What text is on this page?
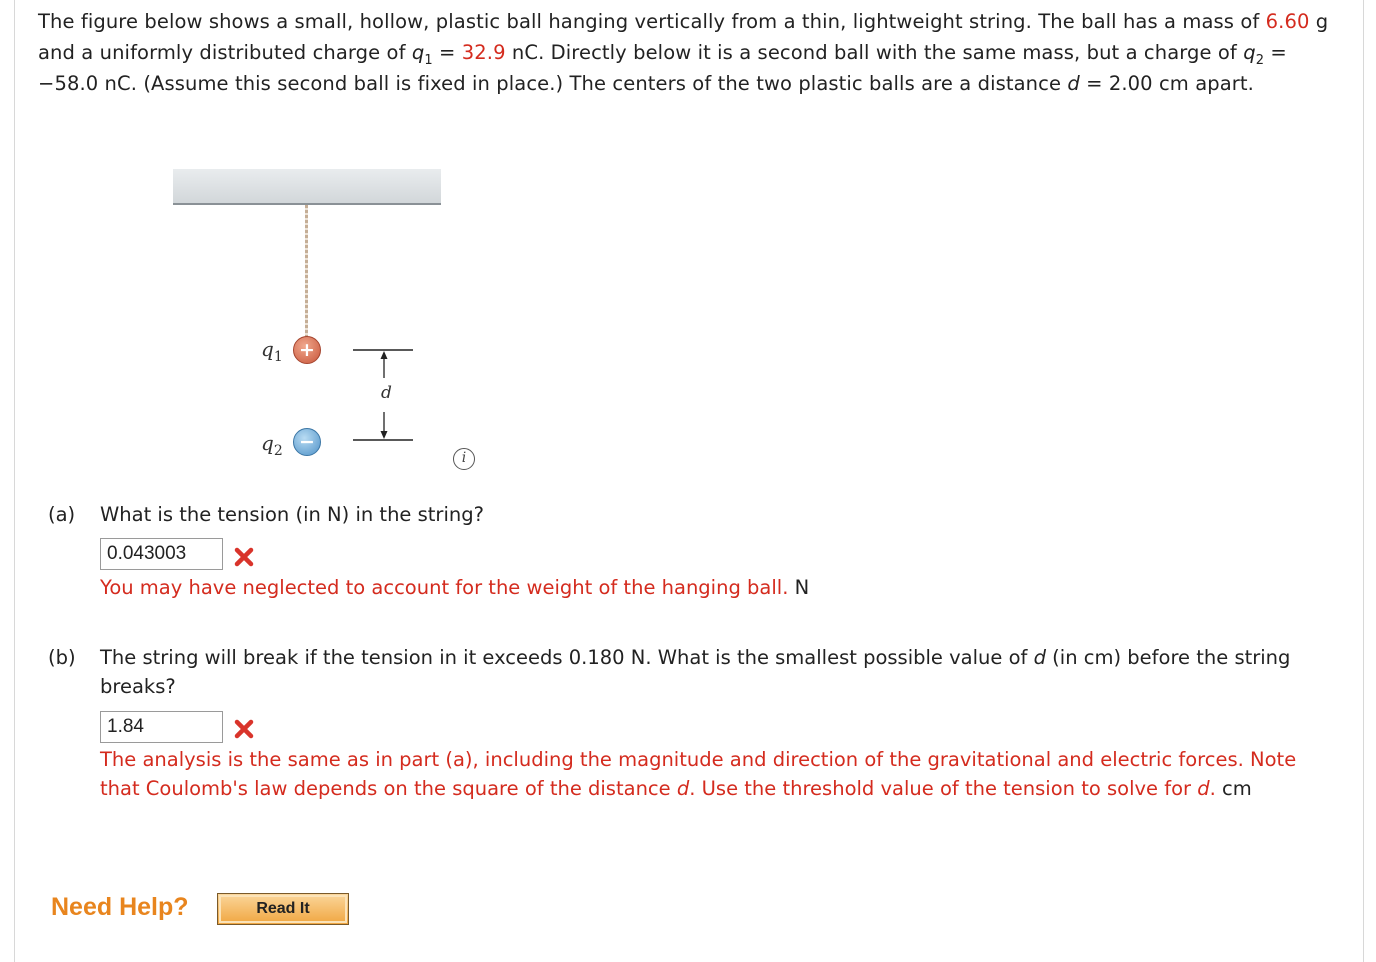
The figure below shows a small, hollow, plastic ball hanging vertically from a thin, lightweight string. The ball has a mass of 6.60 g and a uniformly distributed charge of $q_1 = 32.9$ nC. Directly below it is a second ball with the same mass, but a charge of $q_2 = -58.0$ nC. (Assume this second ball is fixed in place.) The centers of the two plastic balls are a distance d = 2.00 cm apart.
$q_1$ +
$q_2$ −
d
i
(a) What is the tension (in N) in the string?
0.043003
You may have neglected to account for the weight of the hanging ball. N
(b) The string will break if the tension in it exceeds 0.180 N. What is the smallest possible value of d (in cm) before the string breaks?
1.84
The analysis is the same as in part (a), including the magnitude and direction of the gravitational and electric forces. Note that Coulomb's law depends on the square of the distance d. Use the threshold value of the tension to solve for d. cm
Need Help?	Read It
